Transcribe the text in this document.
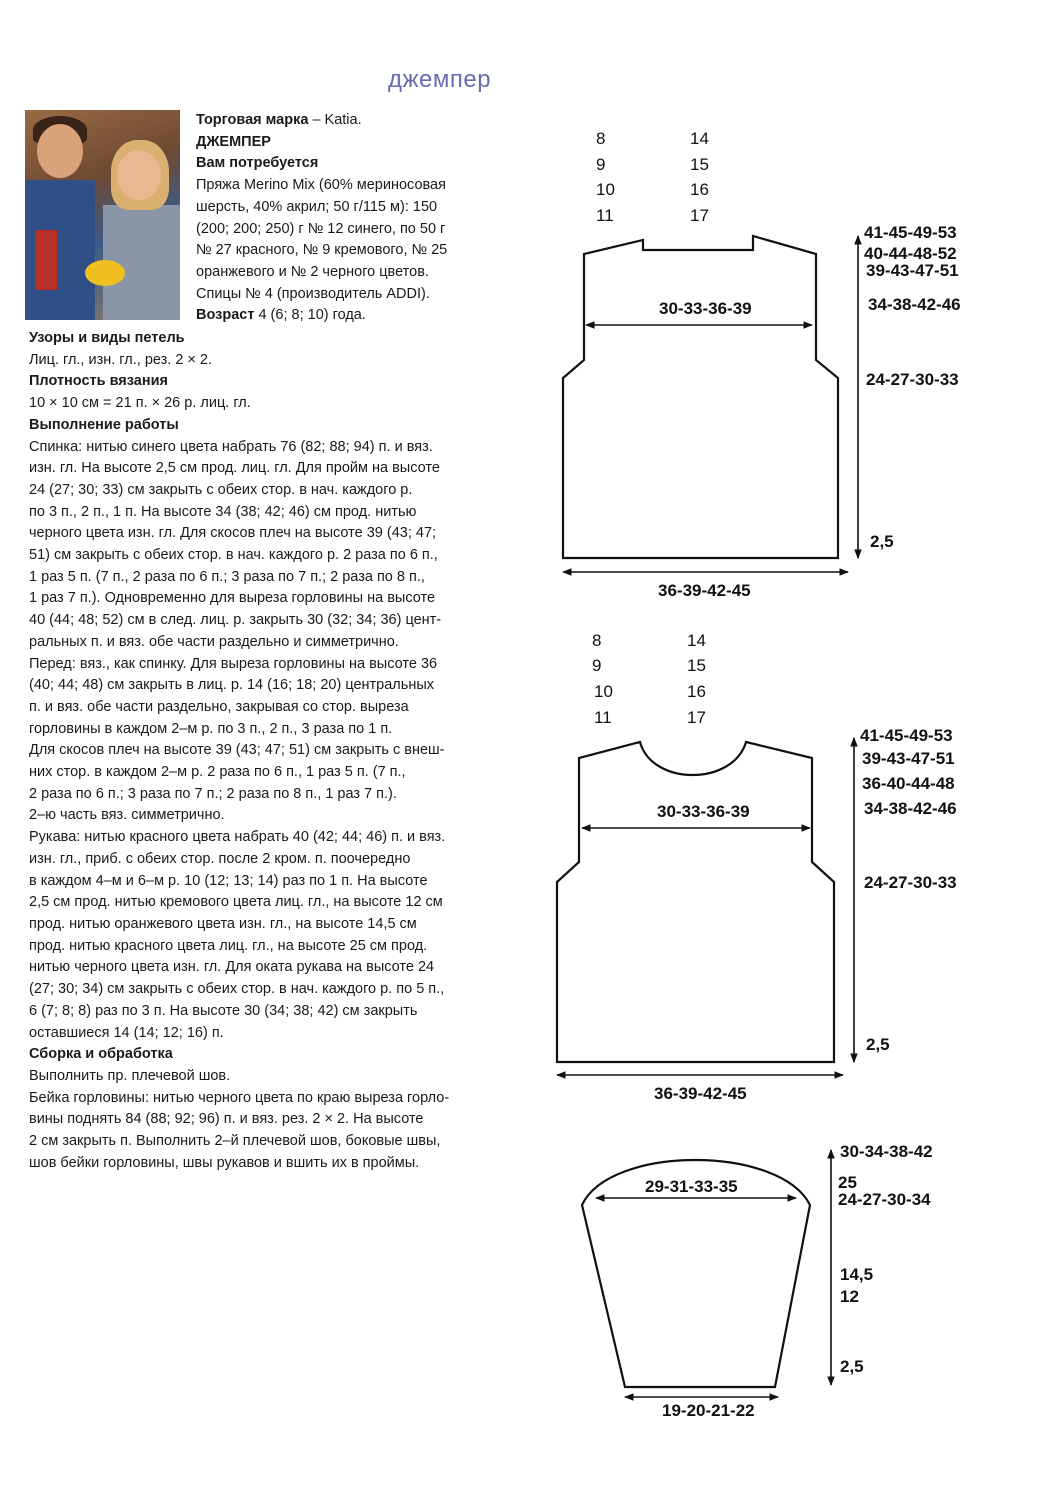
джемпер
Торговая марка – Katia.
ДЖЕМПЕР
Вам потребуется
Пряжа Merino Mix (60% мериносовая
шерсть, 40% акрил; 50 г/115 м): 150
(200; 200; 250) г № 12 синего, по 50 г
№ 27 красного, № 9 кремового, № 25
оранжевого и № 2 черного цветов.
Спицы № 4 (производитель ADDI).
Возраст 4 (6; 8; 10) года.
Узоры и виды петель
Лиц. гл., изн. гл., рез. 2 × 2.
Плотность вязания
10 × 10 см = 21 п. × 26 р. лиц. гл.
Выполнение работы
Спинка: нитью синего цвета набрать 76 (82; 88; 94) п. и вяз.
изн. гл. На высоте 2,5 см прод. лиц. гл. Для пройм на высоте
24 (27; 30; 33) см закрыть с обеих стор. в нач. каждого р.
по 3 п., 2 п., 1 п. На высоте 34 (38; 42; 46) см прод. нитью
черного цвета изн. гл. Для скосов плеч на высоте 39 (43; 47;
51) см закрыть с обеих стор. в нач. каждого р. 2 раза по 6 п.,
1 раз 5 п. (7 п., 2 раза по 6 п.; 3 раза по 7 п.; 2 раза по 8 п.,
1 раз 7 п.). Одновременно для выреза горловины на высоте
40 (44; 48; 52) см в след. лиц. р. закрыть 30 (32; 34; 36) цент-
ральных п. и вяз. обе части раздельно и симметрично.
Перед: вяз., как спинку. Для выреза горловины на высоте 36
(40; 44; 48) см закрыть в лиц. р. 14 (16; 18; 20) центральных
п. и вяз. обе части раздельно, закрывая со стор. выреза
горловины в каждом 2–м р. по 3 п., 2 п., 3 раза по 1 п.
Для скосов плеч на высоте 39 (43; 47; 51) см закрыть с внеш-
них стор. в каждом 2–м р. 2 раза по 6 п., 1 раз 5 п. (7 п.,
2 раза по 6 п.; 3 раза по 7 п.; 2 раза по 8 п., 1 раз 7 п.).
2–ю часть вяз. симметрично.
Рукава: нитью красного цвета набрать 40 (42; 44; 46) п. и вяз.
изн. гл., приб. с обеих стор. после 2 кром. п. поочередно
в каждом 4–м и 6–м р. 10 (12; 13; 14) раз по 1 п. На высоте
2,5 см прод. нитью кремового цвета лиц. гл., на высоте 12 см
прод. нитью оранжевого цвета изн. гл., на высоте 14,5 см
прод. нитью красного цвета лиц. гл., на высоте 25 см прод.
нитью черного цвета изн. гл. Для оката рукава на высоте 24
(27; 30; 34) см закрыть с обеих стор. в нач. каждого р. по 5 п.,
6 (7; 8; 8) раз по 3 п. На высоте 30 (34; 38; 42) см закрыть
оставшиеся 14 (14; 12; 16) п.
Сборка и обработка
Выполнить пр. плечевой шов.
Бейка горловины: нитью черного цвета по краю выреза горло-
вины поднять 84 (88; 92; 96) п. и вяз. рез. 2 × 2. На высоте
2 см закрыть п. Выполнить 2–й плечевой шов, боковые швы,
шов бейки горловины, швы рукавов и вшить их в проймы.
8
9
10
11
14
15
16
17
30-33-36-39
36-39-42-45
41-45-49-53
40-44-48-52
39-43-47-51
34-38-42-46
24-27-30-33
2,5
8
9
10
11
14
15
16
17
30-33-36-39
36-39-42-45
41-45-49-53
39-43-47-51
36-40-44-48
34-38-42-46
24-27-30-33
2,5
29-31-33-35
19-20-21-22
30-34-38-42
25
24-27-30-34
14,5
12
2,5
